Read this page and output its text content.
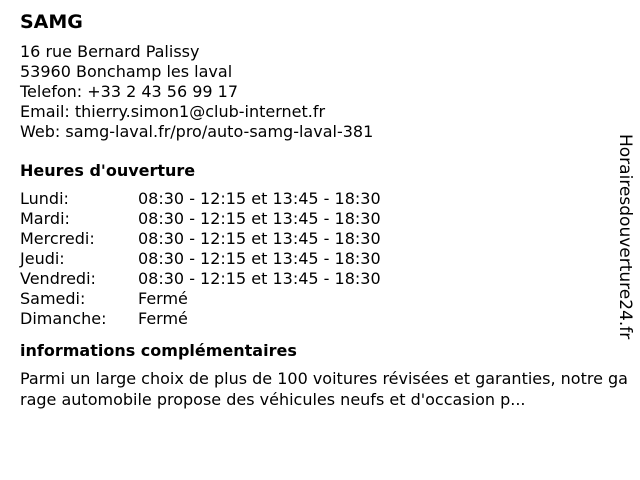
SAMG
16 rue Bernard Palissy
53960 Bonchamp les laval
Telefon: +33 2 43 56 99 17
Email: thierry.simon1@club-internet.fr
Web: samg-laval.fr/pro/auto-samg-laval-381
Heures d'ouverture
Lundi:	08:30 - 12:15 et 13:45 - 18:30
Mardi:	08:30 - 12:15 et 13:45 - 18:30
Mercredi:	08:30 - 12:15 et 13:45 - 18:30
Jeudi:	08:30 - 12:15 et 13:45 - 18:30
Vendredi:	08:30 - 12:15 et 13:45 - 18:30
Samedi:	Fermé
Dimanche:	Fermé
informations complémentaires
Parmi un large choix de plus de 100 voitures révisées et garanties, notre garage automobile propose des véhicules neufs et d'occasion p...
Horairesdouverture24.fr
